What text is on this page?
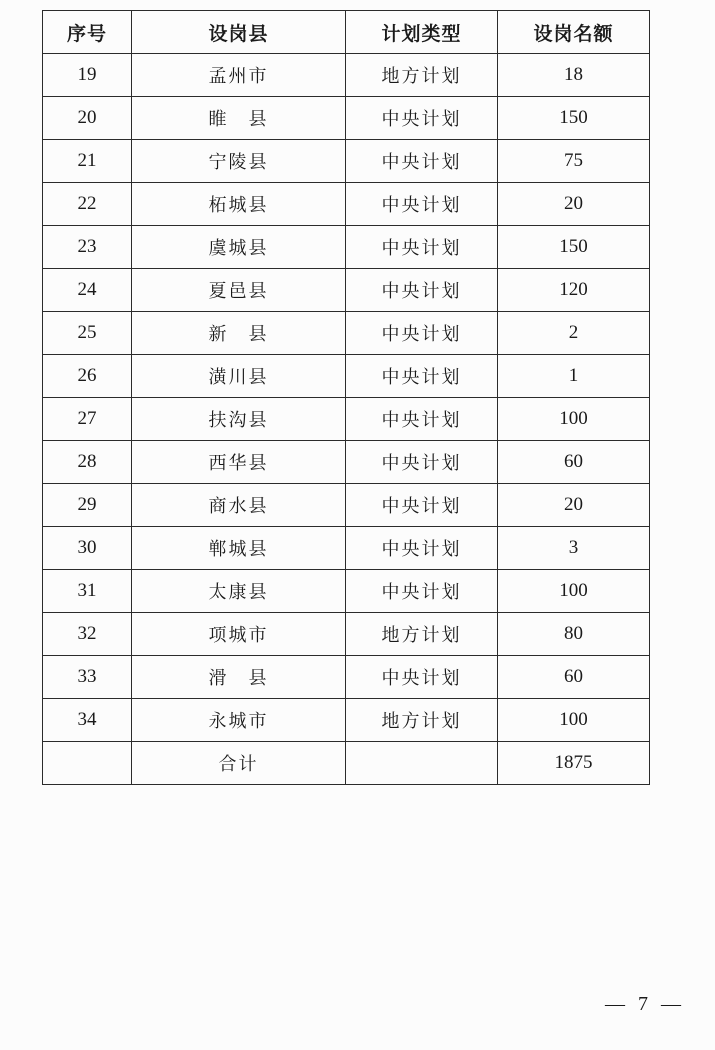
序号	设岗县	计划类型	设岗名额
19	孟州市	地方计划	18
20	睢　县	中央计划	150
21	宁陵县	中央计划	75
22	柘城县	中央计划	20
23	虞城县	中央计划	150
24	夏邑县	中央计划	120
25	新　县	中央计划	2
26	潢川县	中央计划	1
27	扶沟县	中央计划	100
28	西华县	中央计划	60
29	商水县	中央计划	20
30	郸城县	中央计划	3
31	太康县	中央计划	100
32	项城市	地方计划	80
33	滑　县	中央计划	60
34	永城市	地方计划	100
	合计		1875
— 7 —
